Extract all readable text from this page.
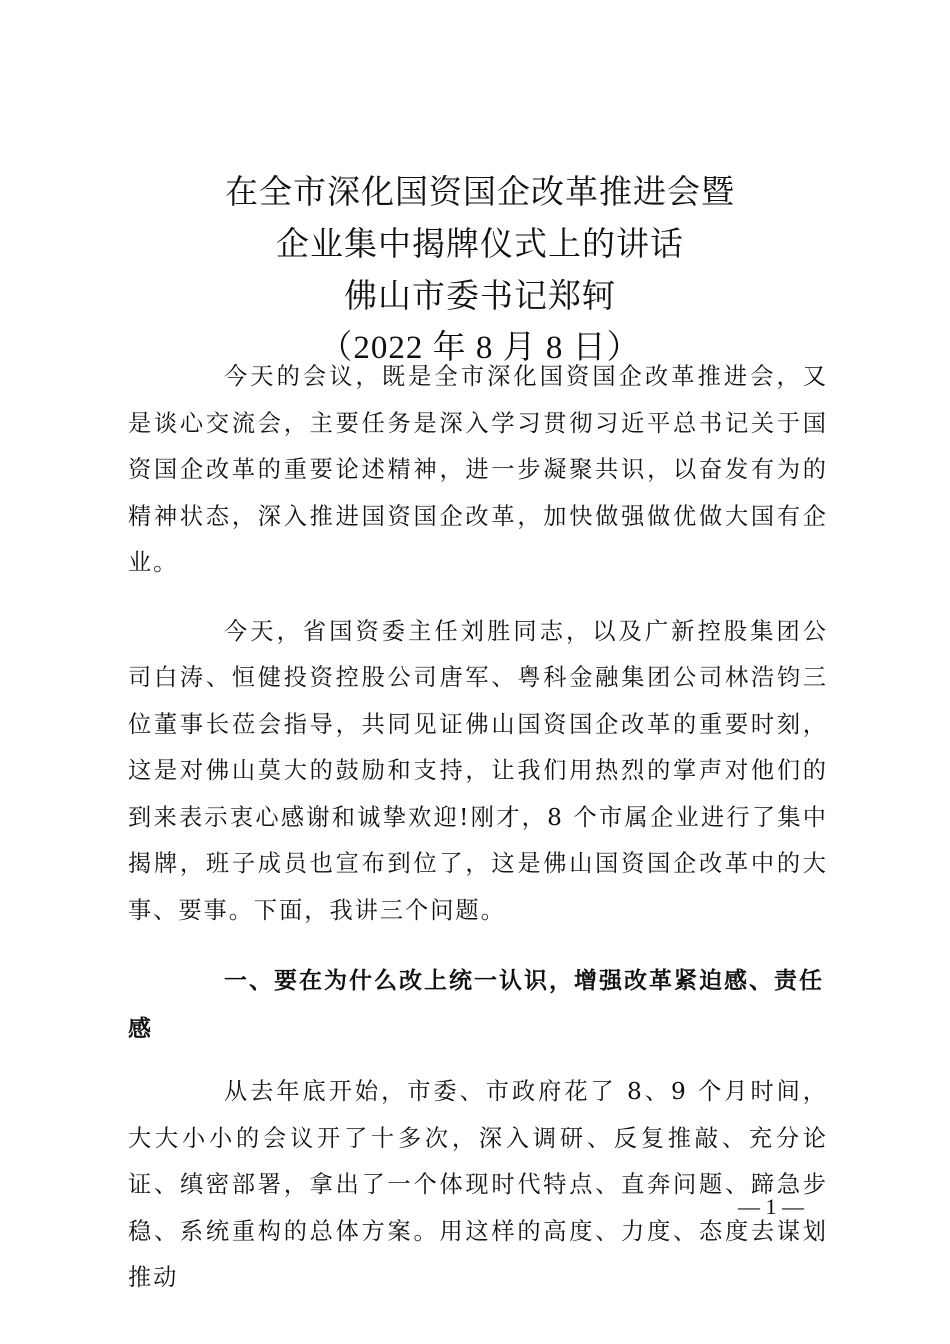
在全市深化国资国企改革推进会暨
企业集中揭牌仪式上的讲话
佛山市委书记郑轲
（2022 年 8 月 8 日）

今天的会议，既是全市深化国资国企改革推进会，又是谈心交流会，主要任务是深入学习贯彻习近平总书记关于国资国企改革的重要论述精神，进一步凝聚共识，以奋发有为的精神状态，深入推进国资国企改革，加快做强做优做大国有企业。

今天，省国资委主任刘胜同志，以及广新控股集团公司白涛、恒健投资控股公司唐军、粤科金融集团公司林浩钧三位董事长莅会指导，共同见证佛山国资国企改革的重要时刻，这是对佛山莫大的鼓励和支持，让我们用热烈的掌声对他们的到来表示衷心感谢和诚挚欢迎!刚才，8 个市属企业进行了集中揭牌，班子成员也宣布到位了，这是佛山国资国企改革中的大事、要事。下面，我讲三个问题。

一、要在为什么改上统一认识，增强改革紧迫感、责任感

从去年底开始，市委、市政府花了 8、9 个月时间，大大小小的会议开了十多次，深入调研、反复推敲、充分论证、缜密部署，拿出了一个体现时代特点、直奔问题、蹄急步稳、系统重构的总体方案。用这样的高度、力度、态度去谋划推动

— 1 —
